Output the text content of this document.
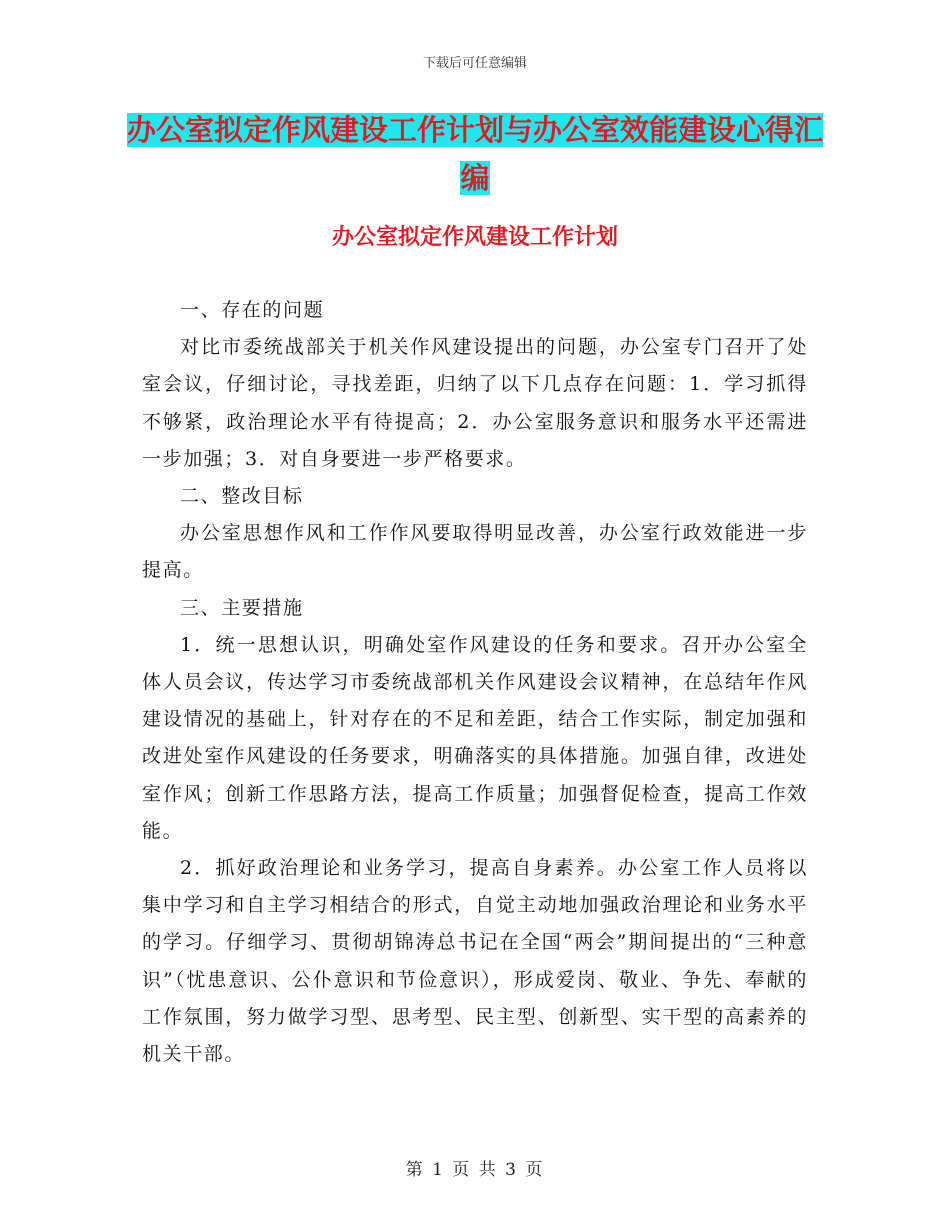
下载后可任意编辑
办公室拟定作风建设工作计划与办公室效能建设心得汇编
办公室拟定作风建设工作计划

一、存在的问题

对比市委统战部关于机关作风建设提出的问题，办公室专门召开了处室会议，仔细讨论，寻找差距，归纳了以下几点存在问题：1．学习抓得不够紧，政治理论水平有待提高；2．办公室服务意识和服务水平还需进一步加强；3．对自身要进一步严格要求。

二、整改目标

办公室思想作风和工作作风要取得明显改善，办公室行政效能进一步提高。

三、主要措施

1．统一思想认识，明确处室作风建设的任务和要求。召开办公室全体人员会议，传达学习市委统战部机关作风建设会议精神，在总结年作风建设情况的基础上，针对存在的不足和差距，结合工作实际，制定加强和改进处室作风建设的任务要求，明确落实的具体措施。加强自律，改进处室作风；创新工作思路方法，提高工作质量；加强督促检查，提高工作效能。

2．抓好政治理论和业务学习，提高自身素养。办公室工作人员将以集中学习和自主学习相结合的形式，自觉主动地加强政治理论和业务水平的学习。仔细学习、贯彻胡锦涛总书记在全国“两会”期间提出的“三种意识”（忧患意识、公仆意识和节俭意识），形成爱岗、敬业、争先、奉献的工作氛围，努力做学习型、思考型、民主型、创新型、实干型的高素养的机关干部。

第 1 页 共 3 页
